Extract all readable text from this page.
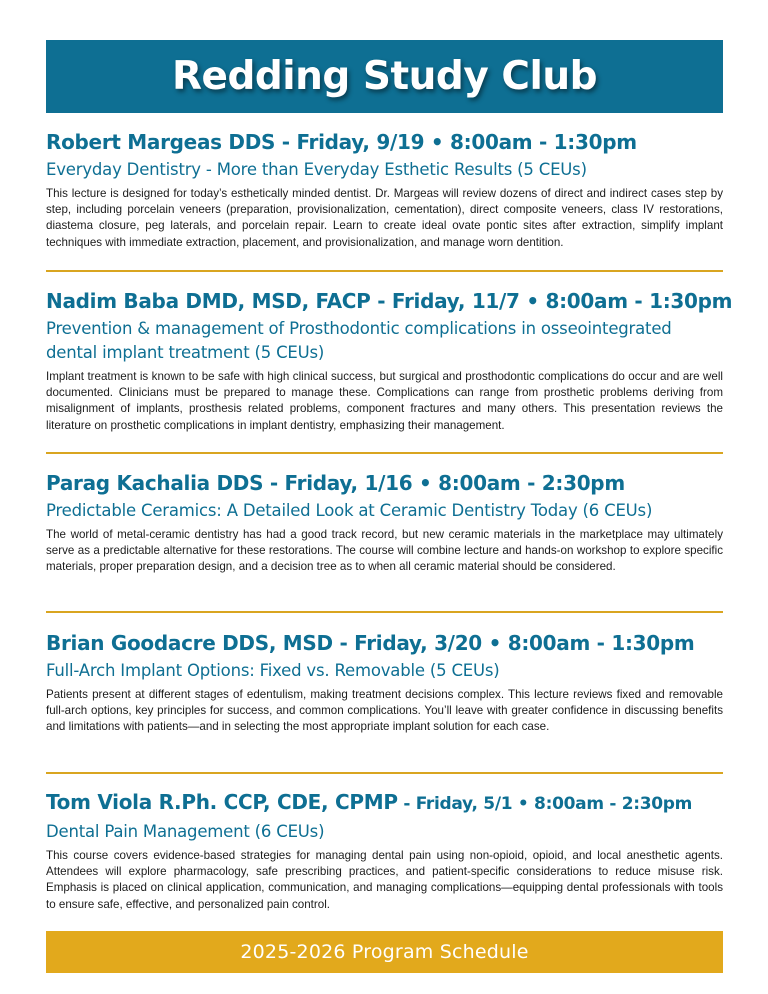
Redding Study Club
Robert Margeas DDS - Friday, 9/19 • 8:00am - 1:30pm
Everyday Dentistry - More than Everyday Esthetic Results (5 CEUs)
This lecture is designed for today’s esthetically minded dentist. Dr. Margeas will review dozens of direct and indirect cases step by step, including porcelain veneers (preparation, provisionalization, cementation), direct composite veneers, class IV restorations, diastema closure, peg laterals, and porcelain repair. Learn to create ideal ovate pontic sites after extraction, simplify implant techniques with immediate extraction, placement, and provisionalization, and manage worn dentition.
Nadim Baba DMD, MSD, FACP - Friday, 11/7 • 8:00am - 1:30pm
Prevention & management of Prosthodontic complications in osseointegrated dental implant treatment (5 CEUs)
Implant treatment is known to be safe with high clinical success, but surgical and prosthodontic complications do occur and are well documented. Clinicians must be prepared to manage these. Complications can range from prosthetic problems deriving from misalignment of implants, prosthesis related problems, component fractures and many others. This presentation reviews the literature on prosthetic complications in implant dentistry, emphasizing their management.
Parag Kachalia DDS - Friday, 1/16 • 8:00am - 2:30pm
Predictable Ceramics: A Detailed Look at Ceramic Dentistry Today (6 CEUs)
The world of metal-ceramic dentistry has had a good track record, but new ceramic materials in the marketplace may ultimately serve as a predictable alternative for these restorations. The course will combine lecture and hands-on workshop to explore specific materials, proper preparation design, and a decision tree as to when all ceramic material should be considered.
Brian Goodacre DDS, MSD - Friday, 3/20 • 8:00am - 1:30pm
Full-Arch Implant Options: Fixed vs. Removable (5 CEUs)
Patients present at different stages of edentulism, making treatment decisions complex. This lecture reviews fixed and removable full-arch options, key principles for success, and common complications. You’ll leave with greater confidence in discussing benefits and limitations with patients—and in selecting the most appropriate implant solution for each case.
Tom Viola R.Ph. CCP, CDE, CPMP - Friday, 5/1 • 8:00am - 2:30pm
Dental Pain Management (6 CEUs)
This course covers evidence-based strategies for managing dental pain using non-opioid, opioid, and local anesthetic agents. Attendees will explore pharmacology, safe prescribing practices, and patient-specific considerations to reduce misuse risk. Emphasis is placed on clinical application, communication, and managing complications—equipping dental professionals with tools to ensure safe, effective, and personalized pain control.
2025-2026 Program Schedule
